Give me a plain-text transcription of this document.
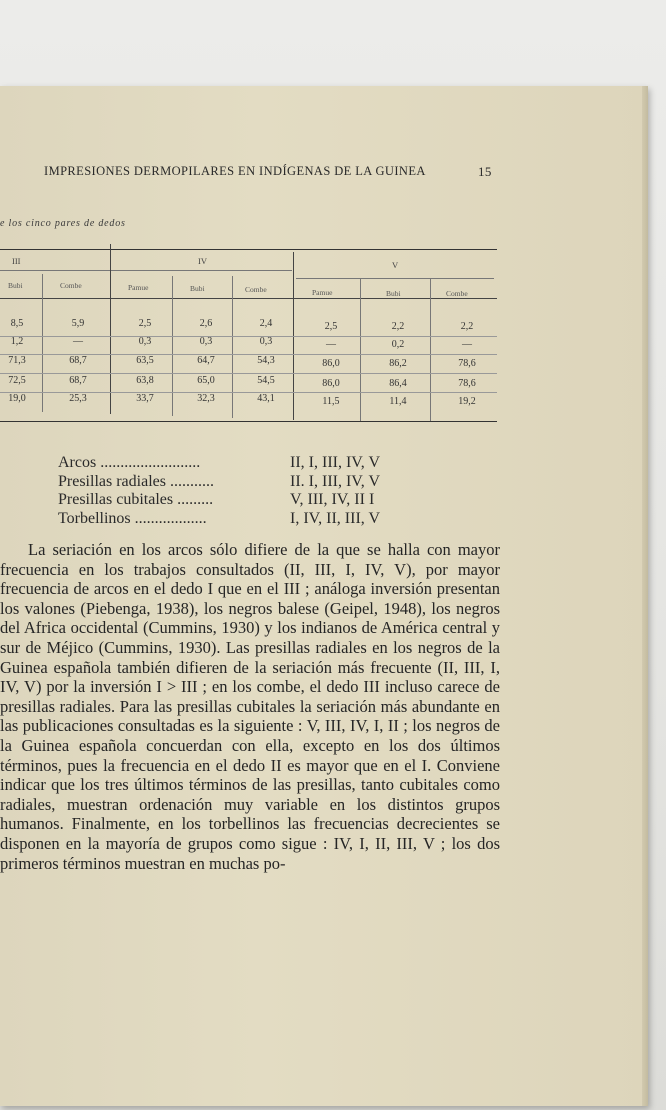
IMPRESIONES DERMOPILARES EN INDÍGENAS DE LA GUINEA	15
e los cinco pares de dedos
III	IV	V
Bubi	Combe	Pamue	Bubi	Combe	Pamue	Bubi	Combe
8,5	5,9	2,5	2,6	2,4	2,5	2,2	2,2
1,2	—	0,3	0,3	0,3	—	0,2	—
71,3	68,7	63,5	64,7	54,3	86,0	86,2	78,6
72,5	68,7	63,8	65,0	54,5	86,0	86,4	78,6
19,0	25,3	33,7	32,3	43,1	11,5	11,4	19,2
Arcos .........................	II, I, III, IV, V
Presillas radiales ...........	II. I, III, IV, V
Presillas cubitales .........	V, III, IV, II I
Torbellinos ..................	I, IV, II, III, V

La seriación en los arcos sólo difiere de la que se halla con mayor frecuencia en los trabajos consultados (II, III, I, IV, V), por mayor frecuencia de arcos en el dedo I que en el III ; análoga inversión presentan los valones (Piebenga, 1938), los negros balese (Geipel, 1948), los negros del Africa occidental (Cummins, 1930) y los indianos de América central y sur de Méjico (Cummins, 1930). Las presillas radiales en los negros de la Guinea española también difieren de la seriación más frecuente (II, III, I, IV, V) por la inversión I > III ; en los combe, el dedo III incluso carece de presillas radiales. Para las presillas cubitales la seriación más abundante en las publicaciones consultadas es la siguiente : V, III, IV, I, II ; los negros de la Guinea española concuerdan con ella, excepto en los dos últimos términos, pues la frecuencia en el dedo II es mayor que en el I. Conviene indicar que los tres últimos términos de las presillas, tanto cubitales como radiales, muestran ordenación muy variable en los distintos grupos humanos. Finalmente, en los torbellinos las frecuencias decrecientes se disponen en la mayoría de grupos como sigue : IV, I, II, III, V ; los dos primeros términos muestran en muchas po-
